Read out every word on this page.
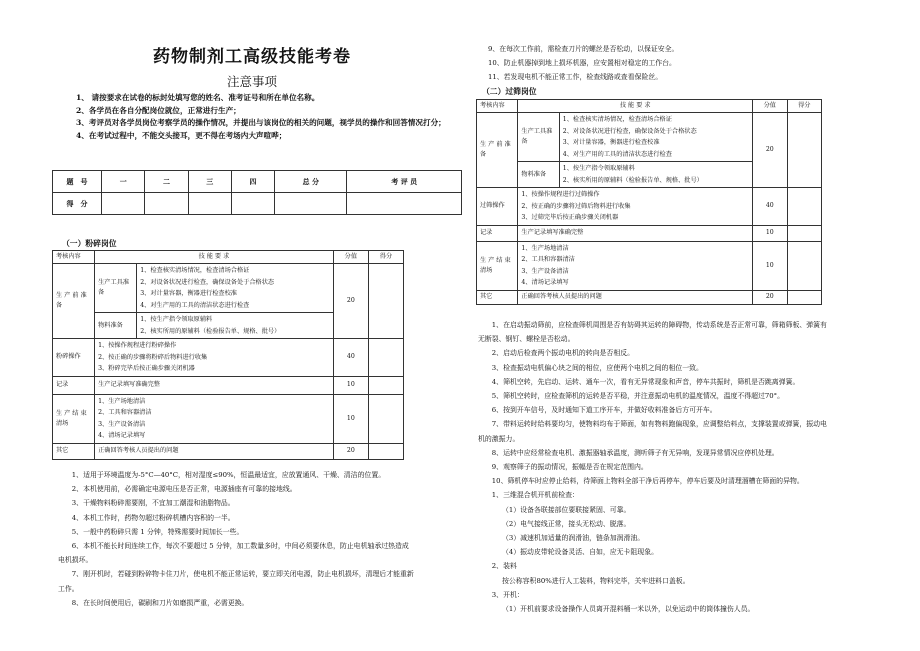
药物制剂工高级技能考卷
注意事项
1、 请按要求在试卷的标封处填写您的姓名、准考证号和所在单位名称。
2、各学员在各自分配岗位就位，正常进行生产；
3、考评员对各学员岗位考察学员的操作情况，并提出与该岗位的相关的问题，视学员的操作和回答情况打分；
4、在考试过程中，不能交头接耳，更不得在考场内大声喧哗；
题　号	一	二	三	四	总 分	考 评 员
得　分						
（一）粉碎岗位
考核内容	技 能 要 求		分值	得分
生 产 前 准 备	生产工具准备	1、检查核实清场情况，检查清场合格证
2、对设备状况进行检查，确保设备处于合格状态
3、对计量容器，衡器进行检查校准
4、对生产用的工具的清洁状态进行检查	20	
	物料准备	1、按生产指令领取原辅料
2、核实所用的原辅料（检验报告单、规格、批号）		

粉碎操作	1、按操作规程进行粉碎操作
2、按正确的步骤将粉碎后物料进行收集
3、粉碎完毕后按正确步骤关闭机器		40	
记录	生产记录填写准确完整		10	
生 产 结 束清场	1、生产场地清洁
2、工具和容器清洁
3、生产设备清洁
4、清场记录填写		10	
其它	正确回答考核人员提出的问题		20	
1、适用于环境温度为-5°C—40°C，相对湿度≤90%，恒温最适宜，应放置通风、干燥、清洁的位置。
2、本机使用前，必需确定电源电压是否正常，电源插座有可靠的接地线。
3、干燥物料粉碎需要刚，不宜加工潮湿和油脂物品。
4、本机工作时，药物勿超过粉碎机槽内容积的一半。
5、一般中药粉碎只需 1 分钟，特殊需要时间加长一些。
6、本机不能长时间连续工作，每次不要超过 5 分钟，加工数量多时，中间必须要休息，防止电机轴承过热造成电机损坏。
7、刚开机时，若碰到粉碎物卡住刀片，使电机不能正常运转，要立即关闭电源，防止电机损坏，清理后才能重新工作。
8、在长时间使用后，碳刷和刀片如磨损严重，必需更换。
9、在每次工作前，需检查刀片的螺丝是否松动，以保证安全。
10、防止机器掉到地上损坏机器，应安置相对稳定的工作台。
11、若发现电机不能正常工作，检查线路或查看保险丝。
（二）过筛岗位
考核内容	技 能 要 求		分值	得分
生 产 前 准 备	生产工具准备	1、检查核实清场情况，检查清场合格证
2、对设备状况进行检查，确保设备处于合格状态
3、对计量容器，衡器进行检查校准
4、对生产用的工具的清洁状态进行检查	20	
	物料准备	1、按生产指令领取原辅料
2、核实所用的原辅料（检验报告单、规格、批号）		

过筛操作	1、按操作规程进行过筛操作
2、按正确的步骤将过筛后物料进行收集
3、过筛完毕后按正确步骤关闭机器		40	
记录	生产记录填写准确完整		10	
生 产 结 束清场	1、生产场地清洁
2、工具和容器清洁
3、生产设备清洁
4、清场记录填写		10	
其它	正确回答考核人员提出的问题		20	
1、在启动振动筛前，应检查筛机周围是否有妨碍其运转的障碍物，传动系统是否正常可靠，筛箱筛板、弹簧有无断裂、钢钉、螺栓是否松动。
2、启动后检查两个振动电机的转向是否相反。
3、检查振动电机偏心块之间的相位，应使两个电机之间的相位一致。
4、筛机空转，先启动、运转、通车一次，看有无异常现象和声音，停车共振时，筛机是否跳离弹簧。
5、筛机空转时，应检查筛机的运转是否平稳，并注意振动电机的温度情况，温度不得超过70°。
6、按到开车信号，及时通知下道工序开车，并做好收料准备后方可开车。
7、带料运转时给料要均匀，使物料均布于筛面，如有物料跑偏现象，应调整给料点，支撑装置或弹簧，振动电机的激振力。
8、运转中应经常检查电机、激振器轴承温度，测听筛子有无异响，发现异常情况应停机处理。
9、观察筛子的振动情况，振幅是否在规定范围内。
10、筛机停车时应停止给料，待筛面上物料全部干净后再停车，停车后要及时清理溜槽在筛面的异物。
1、三维混合机开机前检查：
（1）设备各联接部位要联接紧固、可靠。
（2）电气接线正常，接头无松动、脱落。
（3）减速机加适量的润滑油，链条加润滑油。
（4）振动皮带轮设备灵活、自如，应无卡阻现象。
2、装料
按公称容积80%进行人工装料，物料完毕，关牢进料口盖板。
3、开机：
（1）开机前要求设备操作人员离开混料桶一米以外，以免运动中的筒体撞伤人员。
